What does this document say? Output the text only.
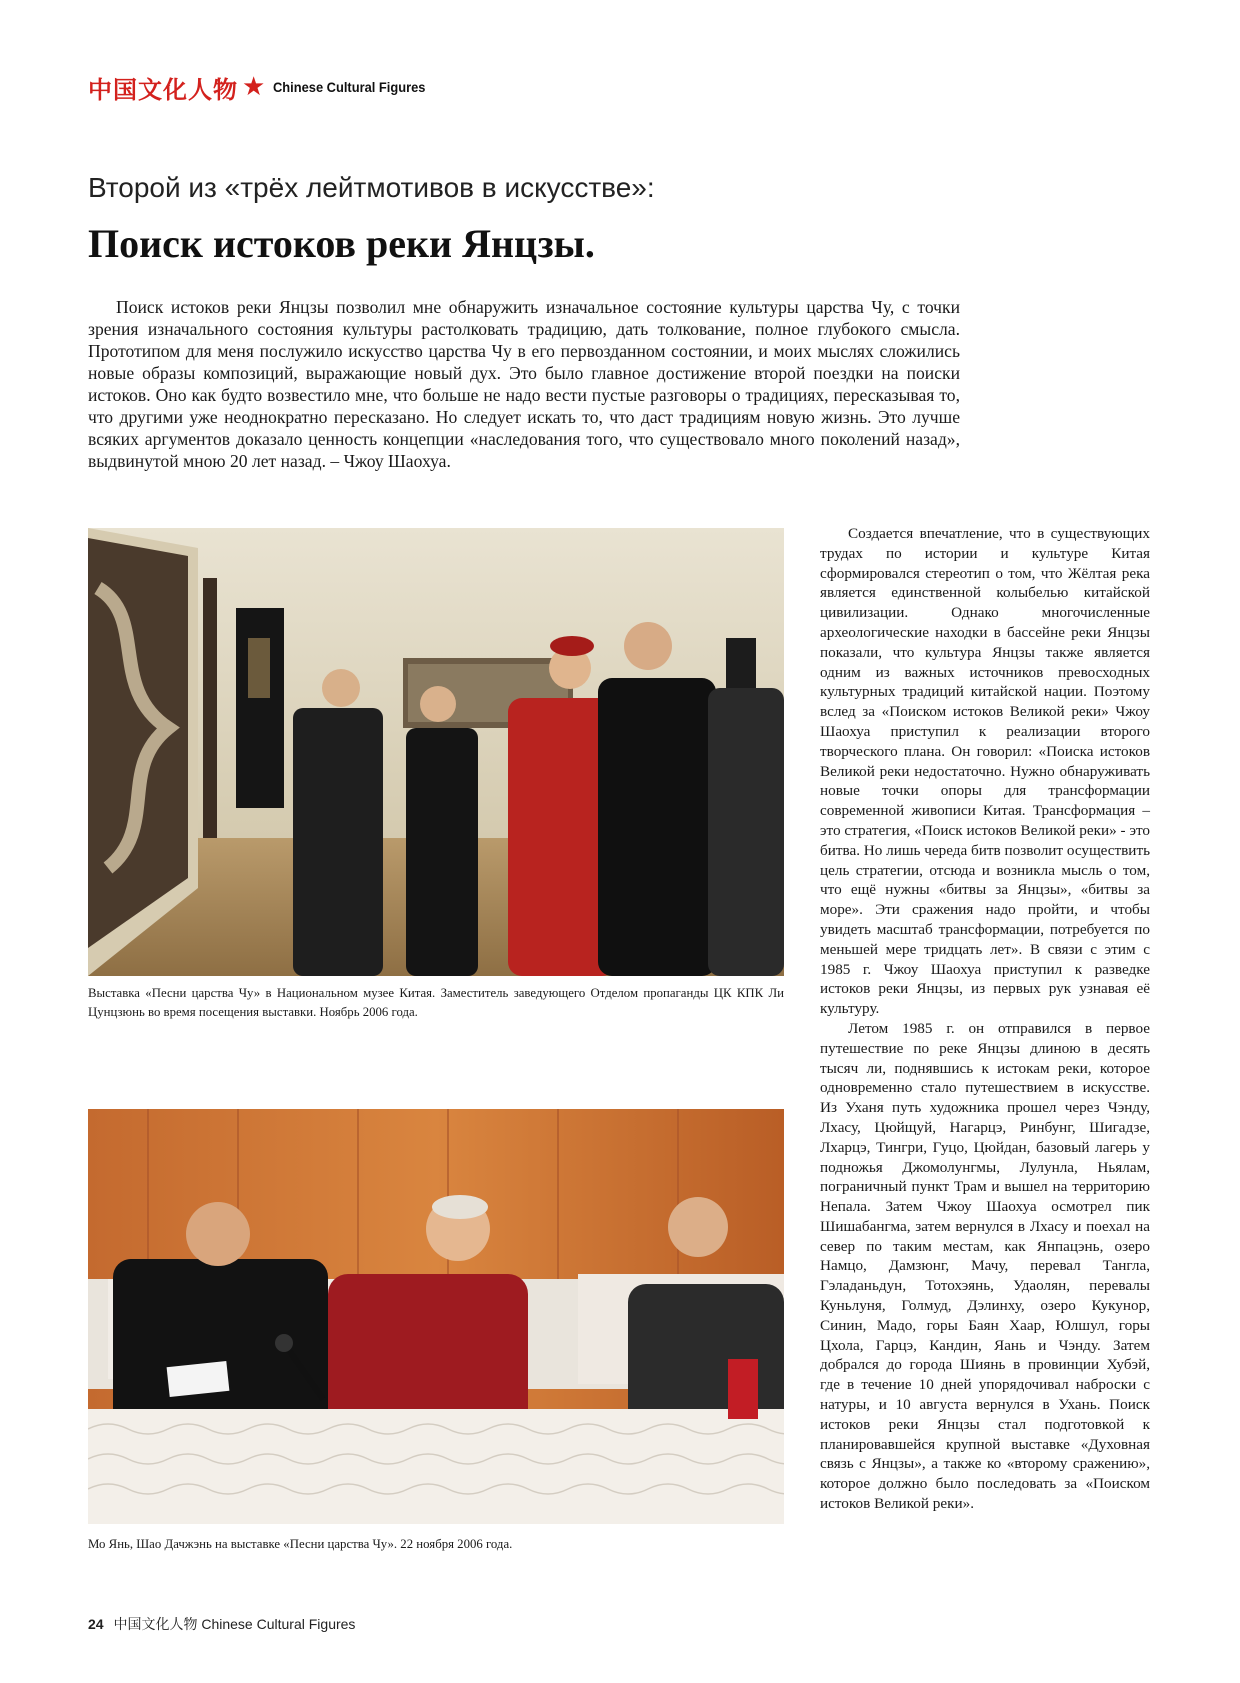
中国文化人物 ★ Chinese Cultural Figures
Второй из «трёх лейтмотивов в искусстве»:
Поиск истоков реки Янцзы.

Поиск истоков реки Янцзы позволил мне обнаружить изначальное состояние культуры царства Чу, с точки зрения изначального состояния культуры растолковать традицию, дать толкование, полное глубокого смысла. Прототипом для меня послужило искусство царства Чу в его первозданном состоянии, и моих мыслях сложились новые образы композиций, выражающие новый дух. Это было главное достижение второй поездки на поиски истоков. Оно как будто возвестило мне, что больше не надо вести пустые разговоры о традициях, пересказывая то, что другими уже неоднократно пересказано. Но следует искать то, что даст традициям новую жизнь. Это лучше всяких аргументов доказало ценность концепции «наследования того, что существовало много поколений назад», выдвинутой мною 20 лет назад. – Чжоу Шаохуа.

Выставка «Песни царства Чу» в Национальном музее Китая. Заместитель заведующего Отделом пропаганды ЦК КПК Ли Цунцзюнь во время посещения выставки. Ноябрь 2006 года.

Мо Янь, Шао Дачжэнь на выставке «Песни царства Чу». 22 ноября 2006 года.

Создается впечатление, что в существующих трудах по истории и культуре Китая сформировался стереотип о том, что Жёлтая река является единственной колыбелью китайской цивилизации. Однако многочисленные археологические находки в бассейне реки Янцзы показали, что культура Янцзы также является одним из важных источников превосходных культурных традиций китайской нации. Поэтому вслед за «Поиском истоков Великой реки» Чжоу Шаохуа приступил к реализации второго творческого плана. Он говорил: «Поиска истоков Великой реки недостаточно. Нужно обнаруживать новые точки опоры для трансформации современной живописи Китая. Трансформация – это стратегия, «Поиск истоков Великой реки» - это битва. Но лишь череда битв позволит осуществить цель стратегии, отсюда и возникла мысль о том, что ещё нужны «битвы за Янцзы», «битвы за море». Эти сражения надо пройти, и чтобы увидеть масштаб трансформации, потребуется по меньшей мере тридцать лет». В связи с этим с 1985 г. Чжоу Шаохуа приступил к разведке истоков реки Янцзы, из первых рук узнавая её культуру.

Летом 1985 г. он отправился в первое путешествие по реке Янцзы длиною в десять тысяч ли, поднявшись к истокам реки, которое одновременно стало путешествием в искусстве. Из Уханя путь художника прошел через Чэнду, Лхасу, Цюйщуй, Нагарцэ, Ринбунг, Шигадзе, Лхарцэ, Тингри, Гуцо, Цюйдан, базовый лагерь у подножья Джомолунгмы, Лулунла, Ньялам, пограничный пункт Трам и вышел на территорию Непала. Затем Чжоу Шаохуа осмотрел пик Шишабангма, затем вернулся в Лхасу и поехал на север по таким местам, как Янпацэнь, озеро Намцо, Дамзюнг, Мачу, перевал Тангла, Гэладаньдун, Тотохэянь, Удаолян, перевалы Куньлуня, Голмуд, Дэлинху, озеро Кукунор, Синин, Мадо, горы Баян Хаар, Юлшул, горы Цхола, Гарцэ, Кандин, Яань и Чэнду. Затем добрался до города Шиянь в провинции Хубэй, где в течение 10 дней упорядочивал наброски с натуры, и 10 августа вернулся в Ухань. Поиск истоков реки Янцзы стал подготовкой к планировавшейся крупной выставке «Духовная связь с Янцзы», а также ко «второму сражению», которое должно было последовать за «Поиском истоков Великой реки».

24 中国文化人物 Chinese Cultural Figures
